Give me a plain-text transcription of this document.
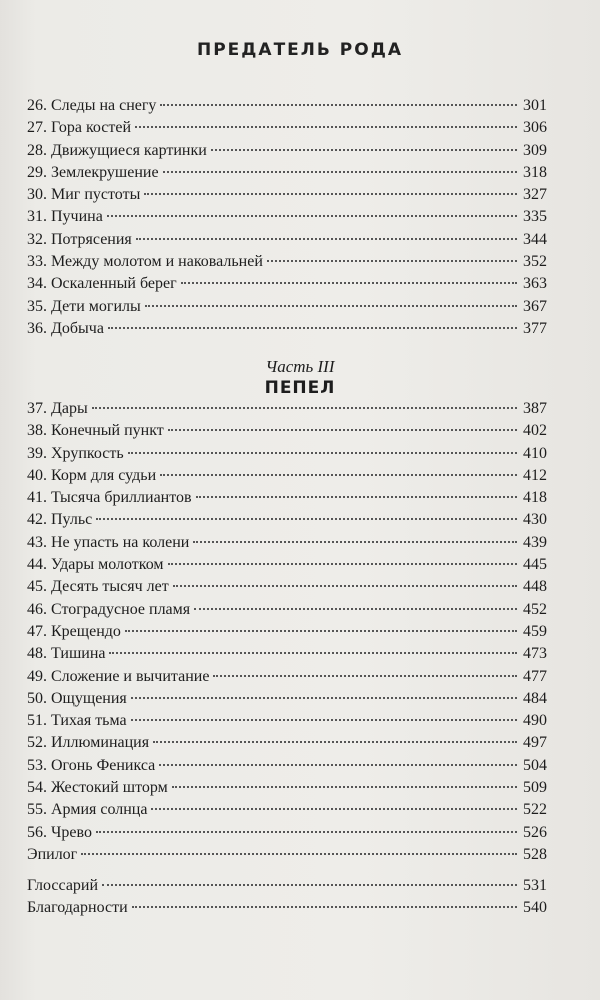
ПРЕДАТЕЛЬ РОДА
26. Следы на снегу	301
27. Гора костей	306
28. Движущиеся картинки	309
29. Землекрушение	318
30. Миг пустоты	327
31. Пучина	335
32. Потрясения	344
33. Между молотом и наковальней	352
34. Оскаленный берег	363
35. Дети могилы	367
36. Добыча	377
Часть III
ПЕПЕЛ
37. Дары	387
38. Конечный пункт	402
39. Хрупкость	410
40. Корм для судьи	412
41. Тысяча бриллиантов	418
42. Пульс	430
43. Не упасть на колени	439
44. Удары молотком	445
45. Десять тысяч лет	448
46. Стоградусное пламя	452
47. Крещендо	459
48. Тишина	473
49. Сложение и вычитание	477
50. Ощущения	484
51. Тихая тьма	490
52. Иллюминация	497
53. Огонь Феникса	504
54. Жестокий шторм	509
55. Армия солнца	522
56. Чрево	526
Эпилог	528
Глоссарий	531
Благодарности	540
